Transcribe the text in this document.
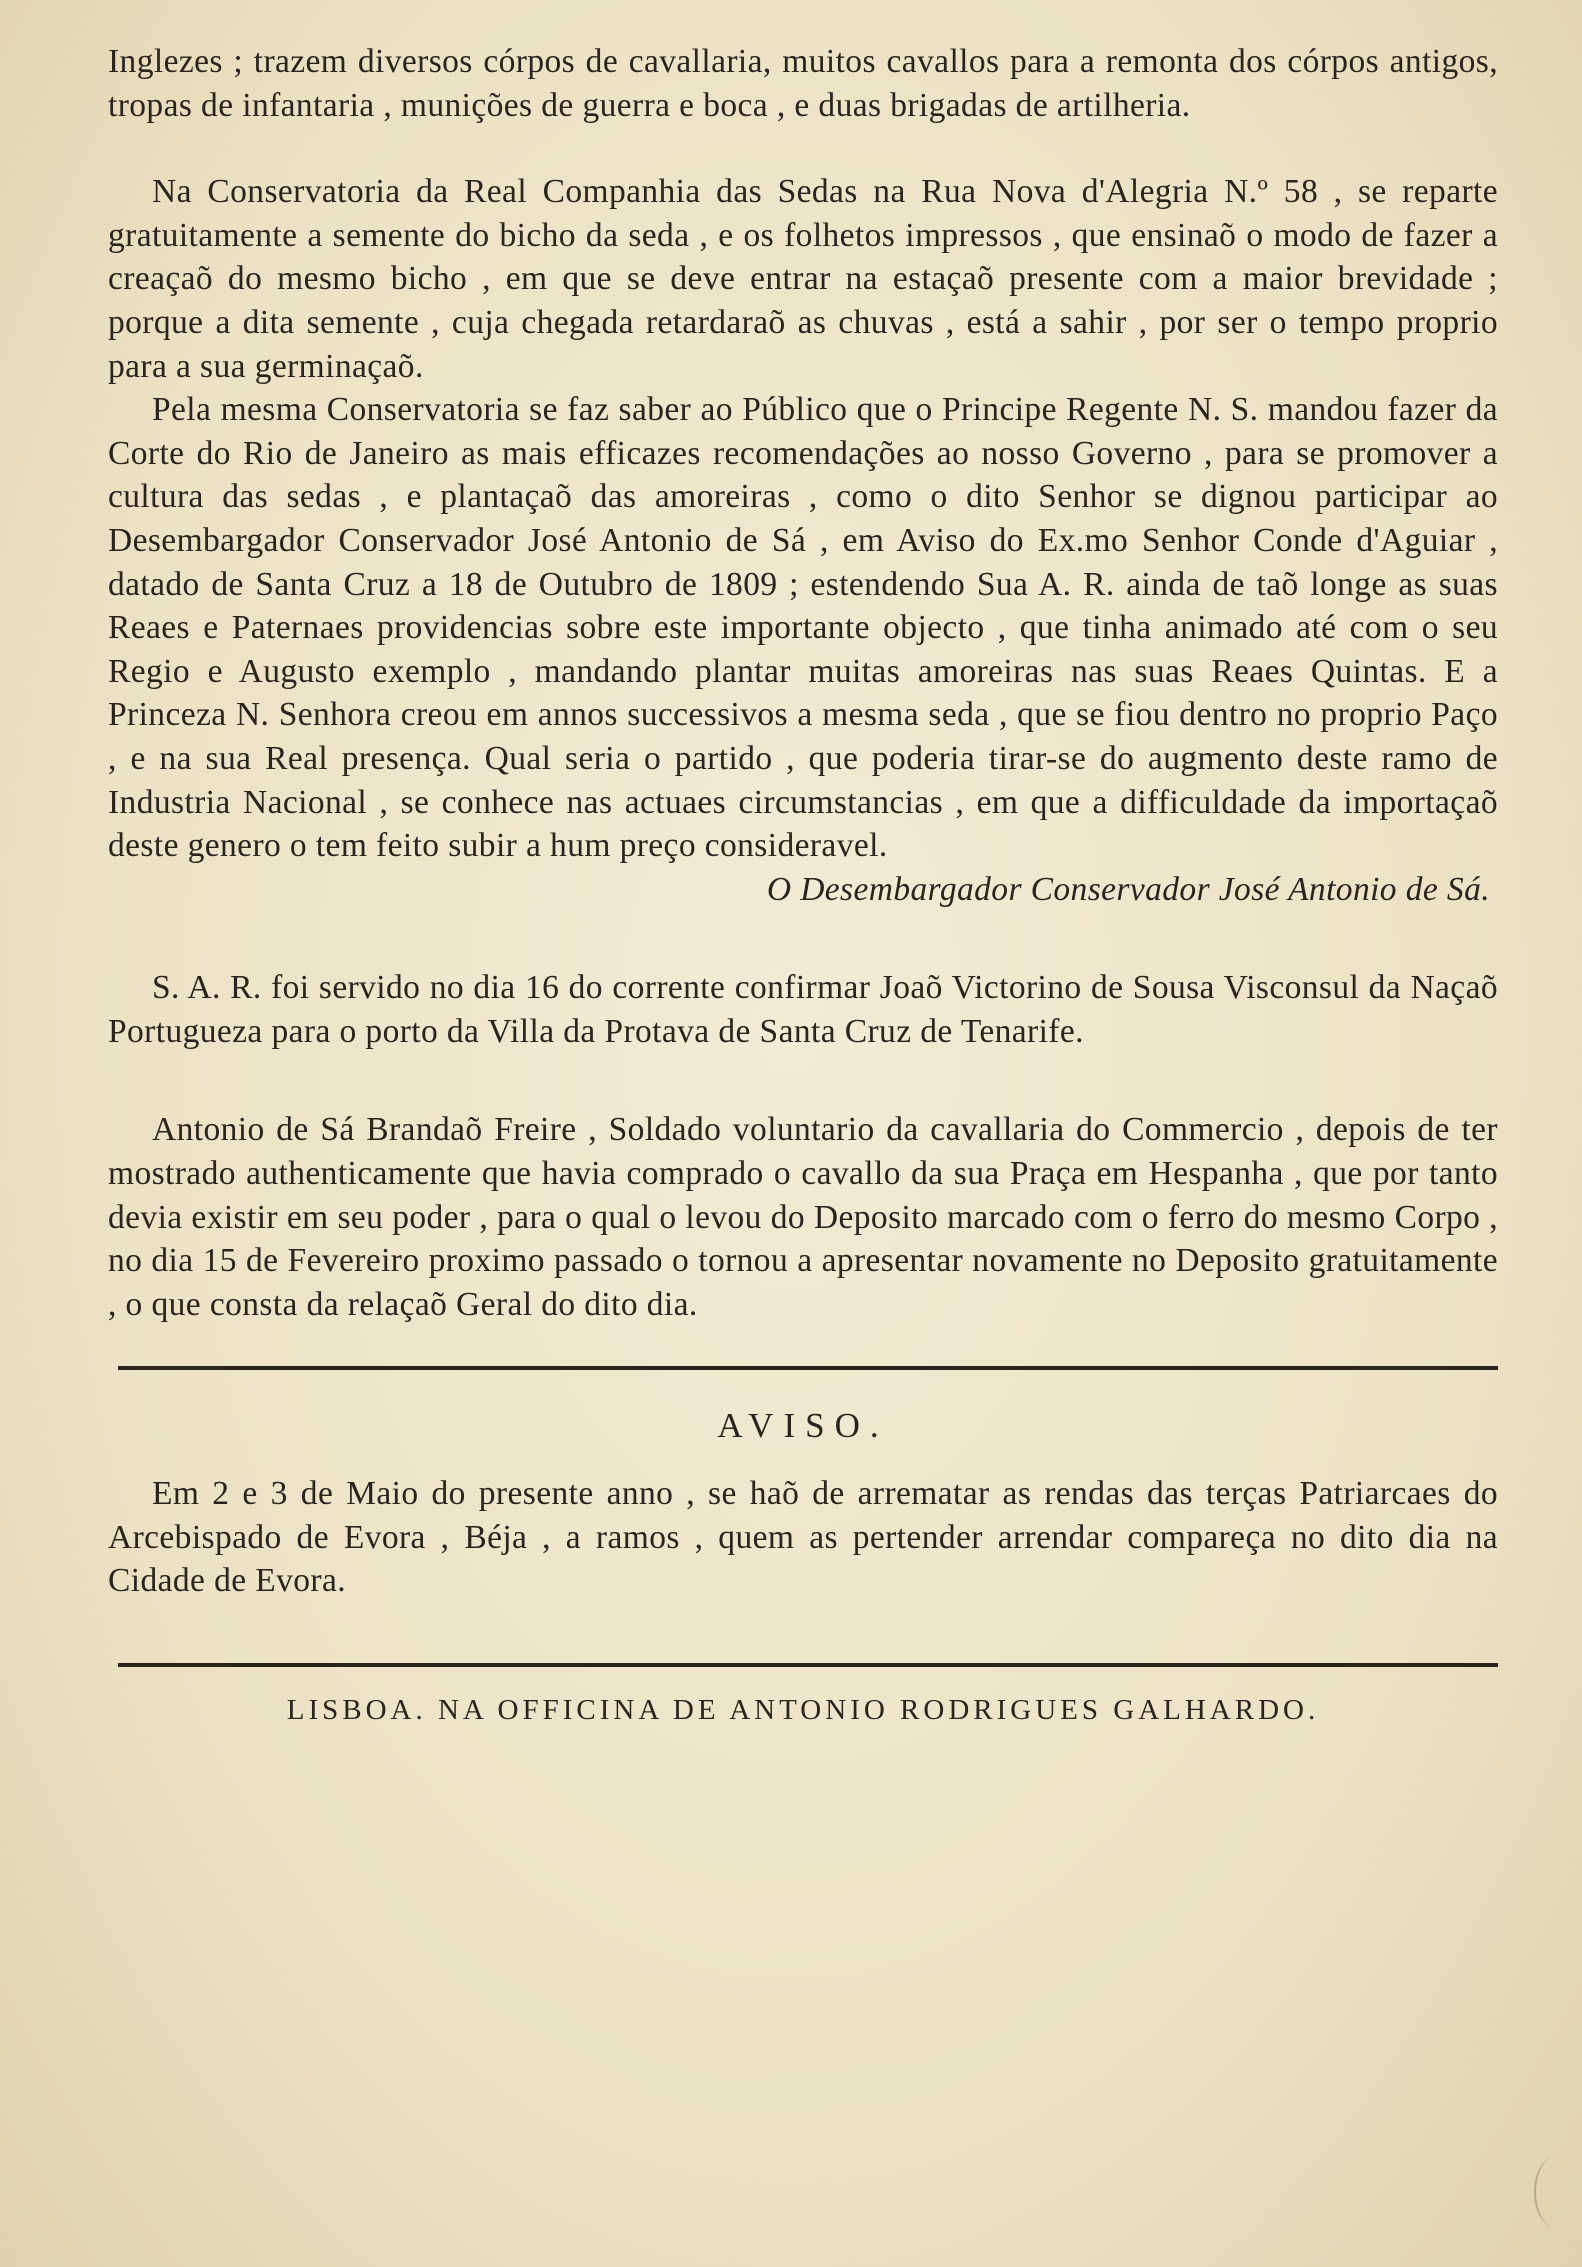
Inglezes ; trazem diversos córpos de cavallaria, muitos cavallos para a remonta dos córpos antigos, tropas de infantaria , munições de guerra e boca , e duas brigadas de artilheria.

Na Conservatoria da Real Companhia das Sedas na Rua Nova d'Alegria N.º 58 , se reparte gratuitamente a semente do bicho da seda , e os folhetos impressos , que ensinaõ o modo de fazer a creaçaõ do mesmo bicho , em que se deve entrar na estaçaõ presente com a maior brevidade ; porque a dita semente , cuja chegada retardaraõ as chuvas , está a sahir , por ser o tempo proprio para a sua germinaçaõ.

Pela mesma Conservatoria se faz saber ao Público que o Principe Regente N. S. mandou fazer da Corte do Rio de Janeiro as mais efficazes recomendações ao nosso Governo , para se promover a cultura das sedas , e plantaçaõ das amoreiras , como o dito Senhor se dignou participar ao Desembargador Conservador José Antonio de Sá , em Aviso do Ex.mo Senhor Conde d'Aguiar , datado de Santa Cruz a 18 de Outubro de 1809 ; estendendo Sua A. R. ainda de taõ longe as suas Reaes e Paternaes providencias sobre este importante objecto , que tinha animado até com o seu Regio e Augusto exemplo , mandando plantar muitas amoreiras nas suas Reaes Quintas. E a Princeza N. Senhora creou em annos successivos a mesma seda , que se fiou dentro no proprio Paço , e na sua Real presença. Qual seria o partido , que poderia tirar-se do augmento deste ramo de Industria Nacional , se conhece nas actuaes circumstancias , em que a difficuldade da importaçaõ deste genero o tem feito subir a hum preço consideravel.

O Desembargador Conservador José Antonio de Sá.

S. A. R. foi servido no dia 16 do corrente confirmar Joaõ Victorino de Sousa Visconsul da Naçaõ Portugueza para o porto da Villa da Protava de Santa Cruz de Tenarife.

Antonio de Sá Brandaõ Freire , Soldado voluntario da cavallaria do Commercio , depois de ter mostrado authenticamente que havia comprado o cavallo da sua Praça em Hespanha , que por tanto devia existir em seu poder , para o qual o levou do Deposito marcado com o ferro do mesmo Corpo , no dia 15 de Fevereiro proximo passado o tornou a apresentar novamente no Deposito gratuitamente , o que consta da relaçaõ Geral do dito dia.

AVISO.

Em 2 e 3 de Maio do presente anno , se haõ de arrematar as rendas das terças Patriarcaes do Arcebispado de Evora , Béja , a ramos , quem as pertender arrendar compareça no dito dia na Cidade de Evora.

LISBOA. NA OFFICINA DE ANTONIO RODRIGUES GALHARDO.
